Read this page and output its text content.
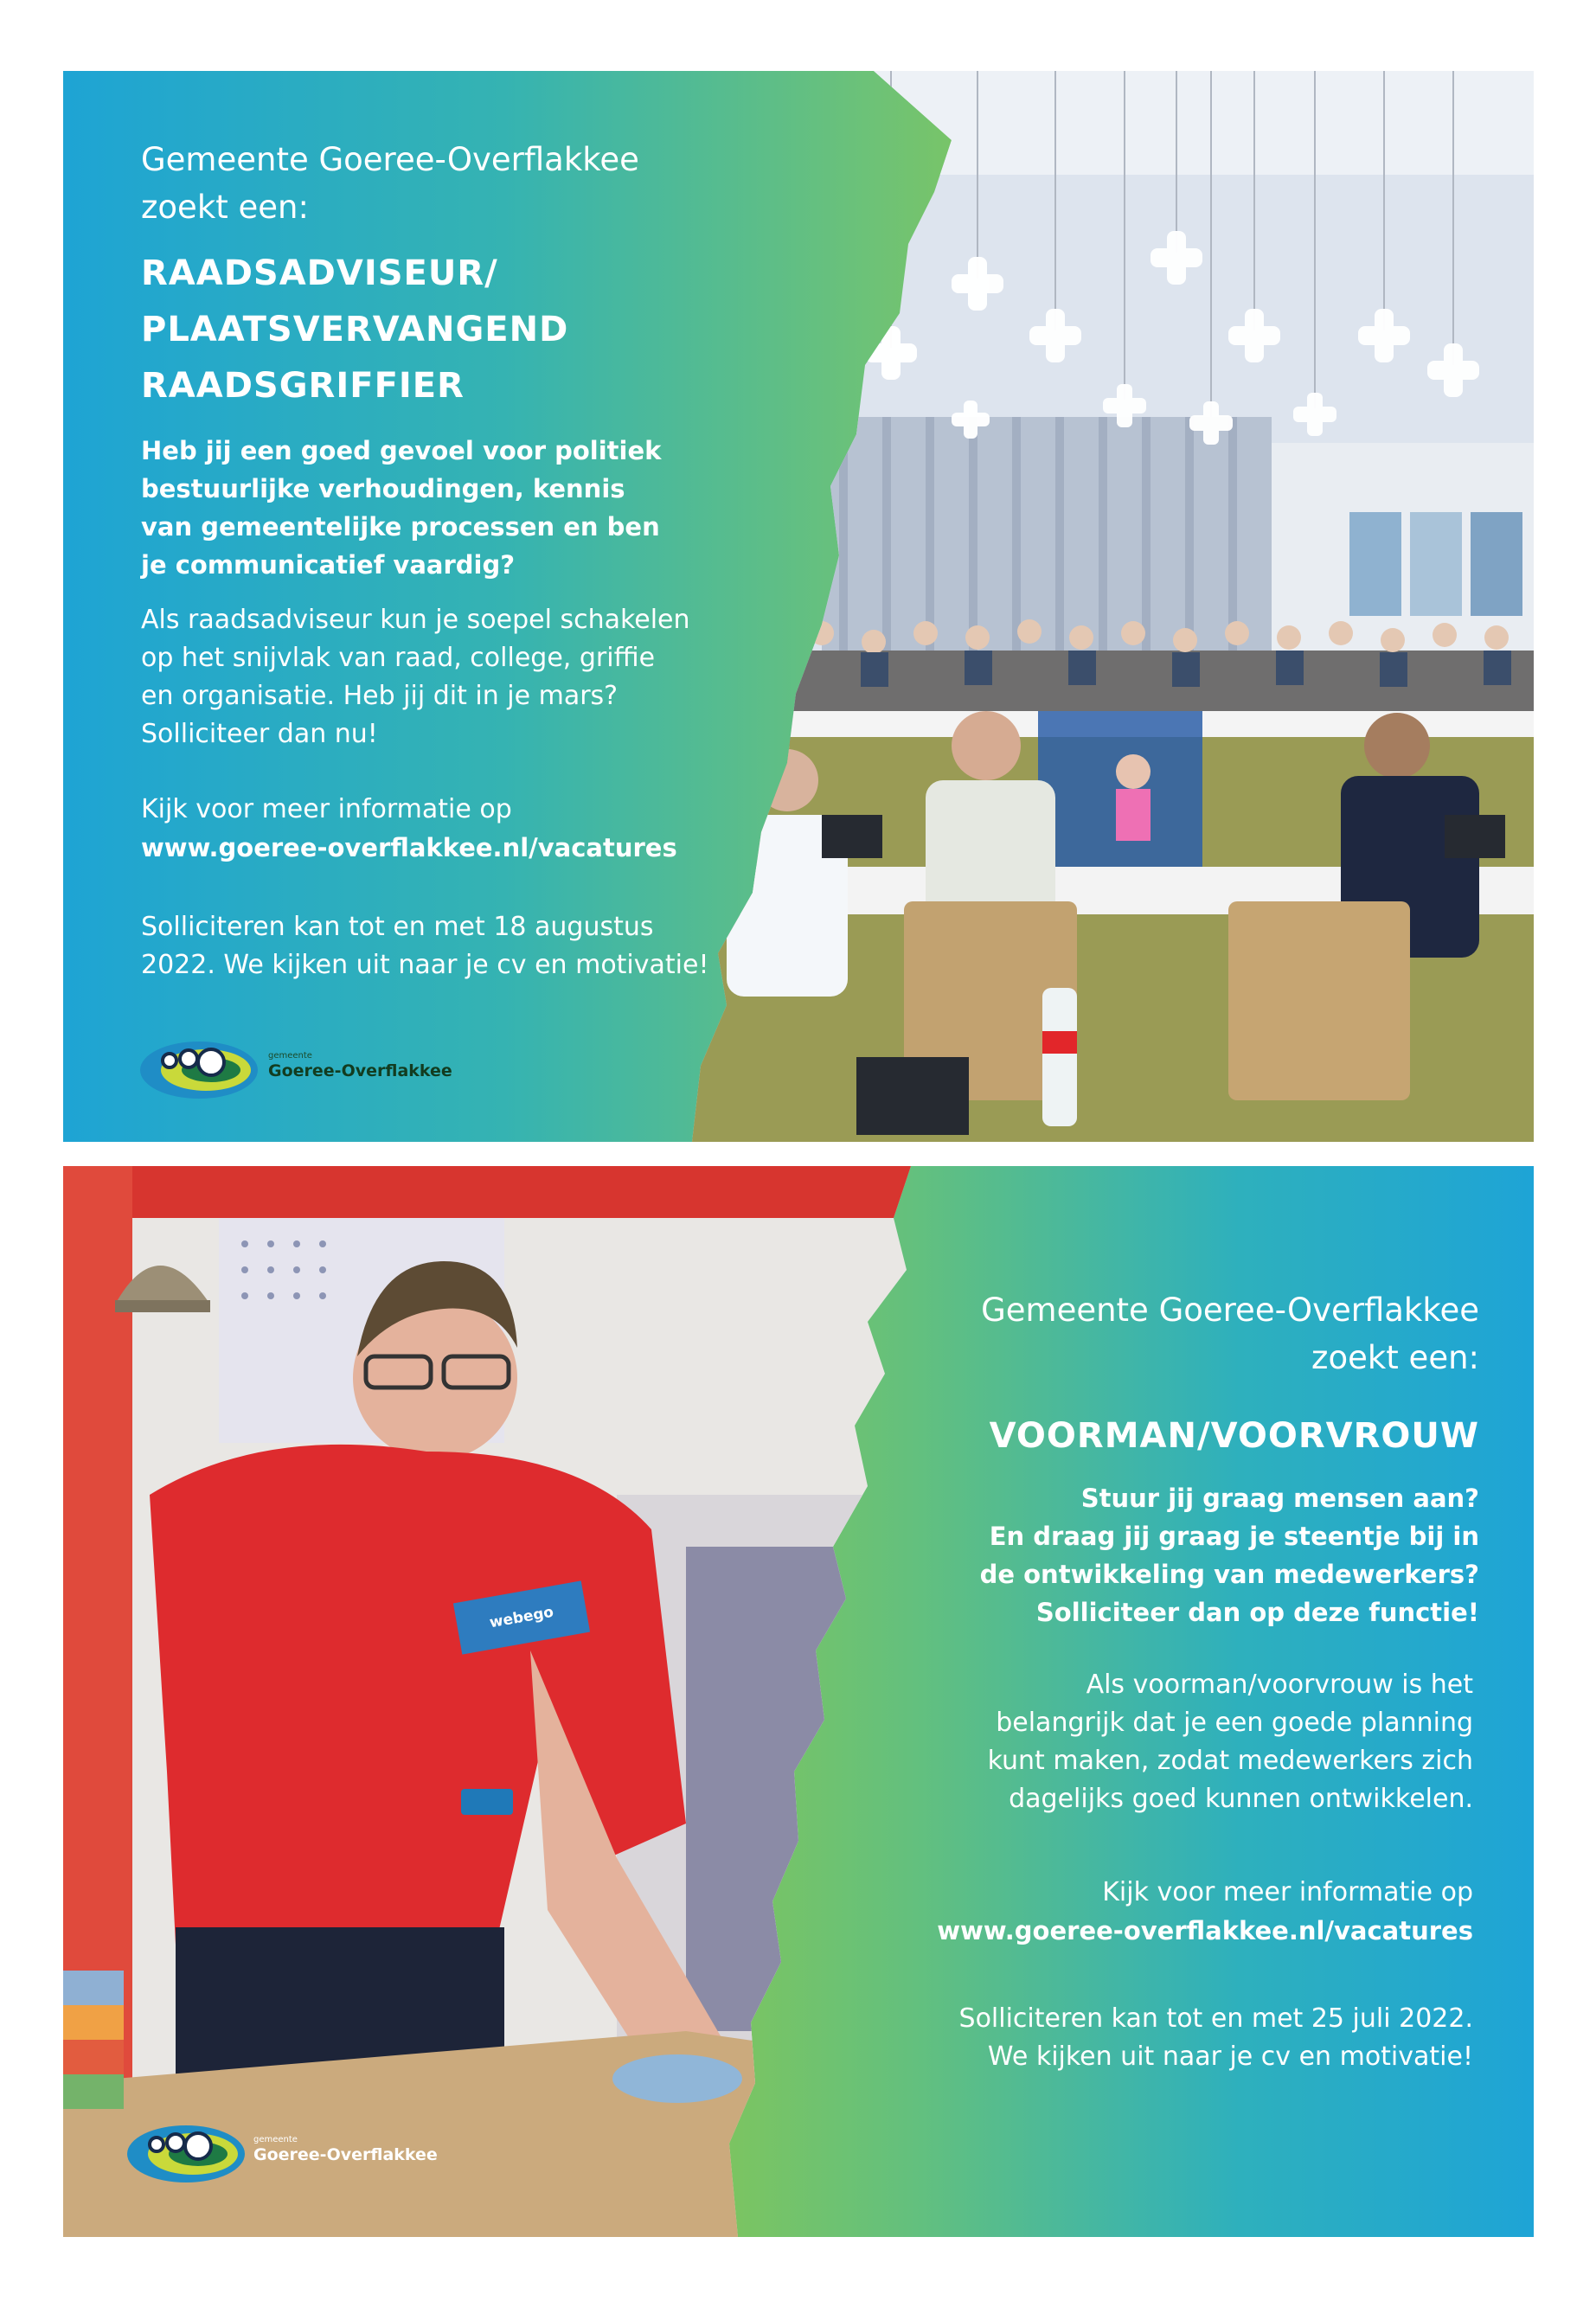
Gemeente Goeree-Overflakkee

zoekt een:

RAADSADVISEUR/

PLAATSVERVANGEND

RAADSGRIFFIER

Heb jij een goed gevoel voor politiek

bestuurlijke verhoudingen, kennis

van gemeentelijke processen en ben

je communicatief vaardig?

Als raadsadviseur kun je soepel schakelen

op het snijvlak van raad, college, griffie

en organisatie. Heb jij dit in je mars?

Solliciteer dan nu!

Kijk voor meer informatie op

www.goeree-overflakkee.nl/vacatures

Solliciteren kan tot en met 18 augustus

2022. We kijken uit naar je cv en motivatie!

gemeente
Goeree-Overflakkee
webego

Gemeente Goeree-Overflakkee

zoekt een:

VOORMAN/VOORVROUW

Stuur jij graag mensen aan?

En draag jij graag je steentje bij in

de ontwikkeling van medewerkers?

Solliciteer dan op deze functie!

Als voorman/voorvrouw is het

belangrijk dat je een goede planning

kunt maken, zodat medewerkers zich

dagelijks goed kunnen ontwikkelen.

Kijk voor meer informatie op

www.goeree-overflakkee.nl/vacatures

Solliciteren kan tot en met 25 juli 2022.

We kijken uit naar je cv en motivatie!

gemeente
Goeree-Overflakkee
